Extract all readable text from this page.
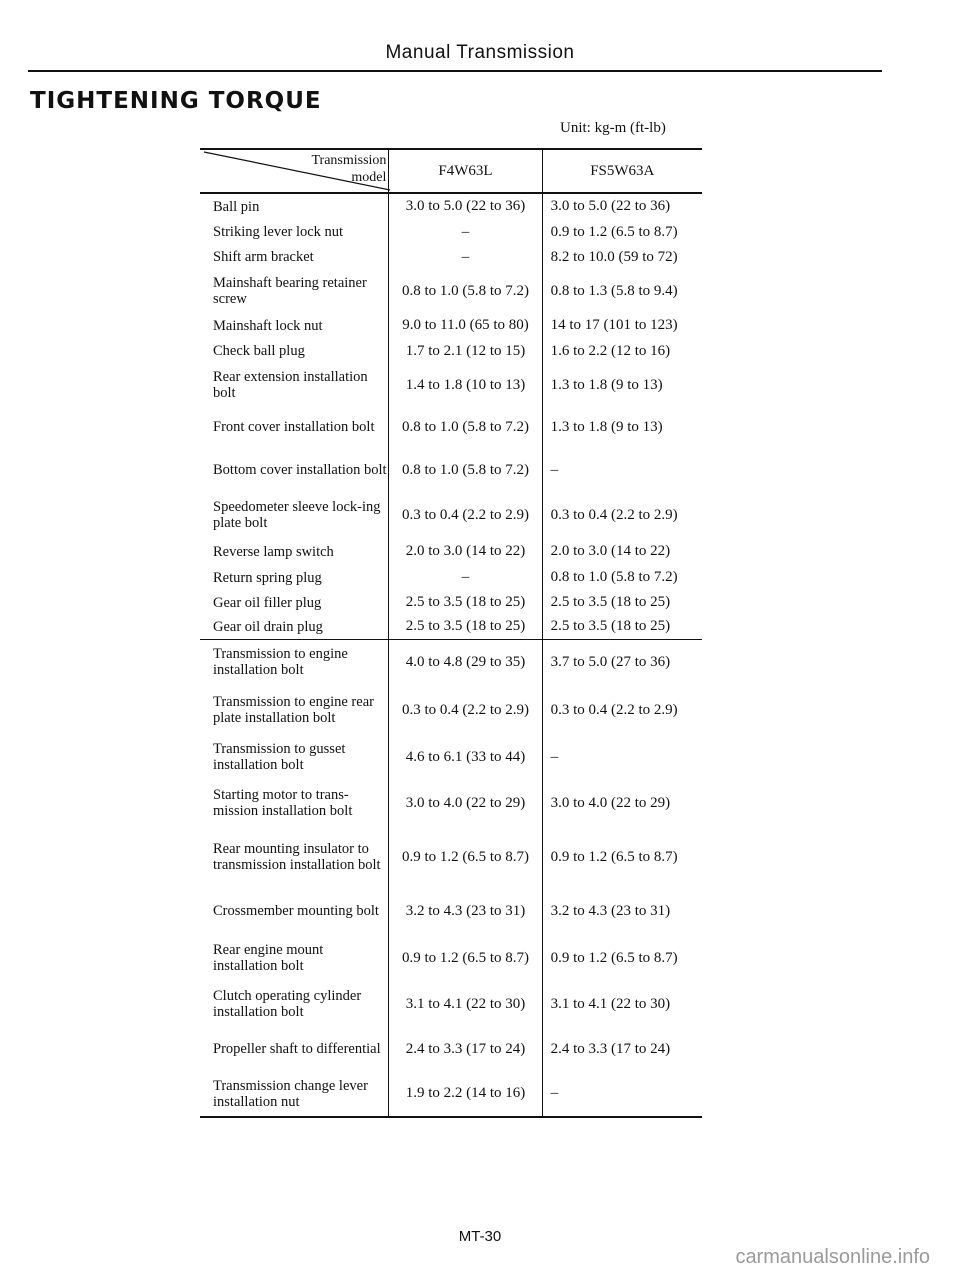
Manual Transmission
TIGHTENING TORQUE
Unit: kg-m (ft-lb)
Transmission
model	F4W63L	FS5W63A
Ball pin	3.0 to 5.0 (22 to 36)	3.0 to 5.0 (22 to 36)
Striking lever lock nut	–	0.9 to 1.2 (6.5 to 8.7)
Shift arm bracket	–	8.2 to 10.0 (59 to 72)
Mainshaft bearing retainer screw	0.8 to 1.0 (5.8 to 7.2)	0.8 to 1.3 (5.8 to 9.4)
Mainshaft lock nut	9.0 to 11.0 (65 to 80)	14 to 17 (101 to 123)
Check ball plug	1.7 to 2.1 (12 to 15)	1.6 to 2.2 (12 to 16)
Rear extension installation bolt	1.4 to 1.8 (10 to 13)	1.3 to 1.8 (9 to 13)
Front cover installation bolt	0.8 to 1.0 (5.8 to 7.2)	1.3 to 1.8 (9 to 13)
Bottom cover installation bolt	0.8 to 1.0 (5.8 to 7.2)	–
Speedometer sleeve lock-ing plate bolt	0.3 to 0.4 (2.2 to 2.9)	0.3 to 0.4 (2.2 to 2.9)
Reverse lamp switch	2.0 to 3.0 (14 to 22)	2.0 to 3.0 (14 to 22)
Return spring plug	–	0.8 to 1.0 (5.8 to 7.2)
Gear oil filler plug	2.5 to 3.5 (18 to 25)	2.5 to 3.5 (18 to 25)
Gear oil drain plug	2.5 to 3.5 (18 to 25)	2.5 to 3.5 (18 to 25)
Transmission to engine installation bolt	4.0 to 4.8 (29 to 35)	3.7 to 5.0 (27 to 36)
Transmission to engine rear plate installation bolt	0.3 to 0.4 (2.2 to 2.9)	0.3 to 0.4 (2.2 to 2.9)
Transmission to gusset installation bolt	4.6 to 6.1 (33 to 44)	–
Starting motor to trans-mission installation bolt	3.0 to 4.0 (22 to 29)	3.0 to 4.0 (22 to 29)
Rear mounting insulator to transmission installation bolt	0.9 to 1.2 (6.5 to 8.7)	0.9 to 1.2 (6.5 to 8.7)
Crossmember mounting bolt	3.2 to 4.3 (23 to 31)	3.2 to 4.3 (23 to 31)
Rear engine mount installation bolt	0.9 to 1.2 (6.5 to 8.7)	0.9 to 1.2 (6.5 to 8.7)
Clutch operating cylinder installation bolt	3.1 to 4.1 (22 to 30)	3.1 to 4.1 (22 to 30)
Propeller shaft to differential	2.4 to 3.3 (17 to 24)	2.4 to 3.3 (17 to 24)
Transmission change lever installation nut	1.9 to 2.2 (14 to 16)	–
MT-30
carmanualsonline.info
